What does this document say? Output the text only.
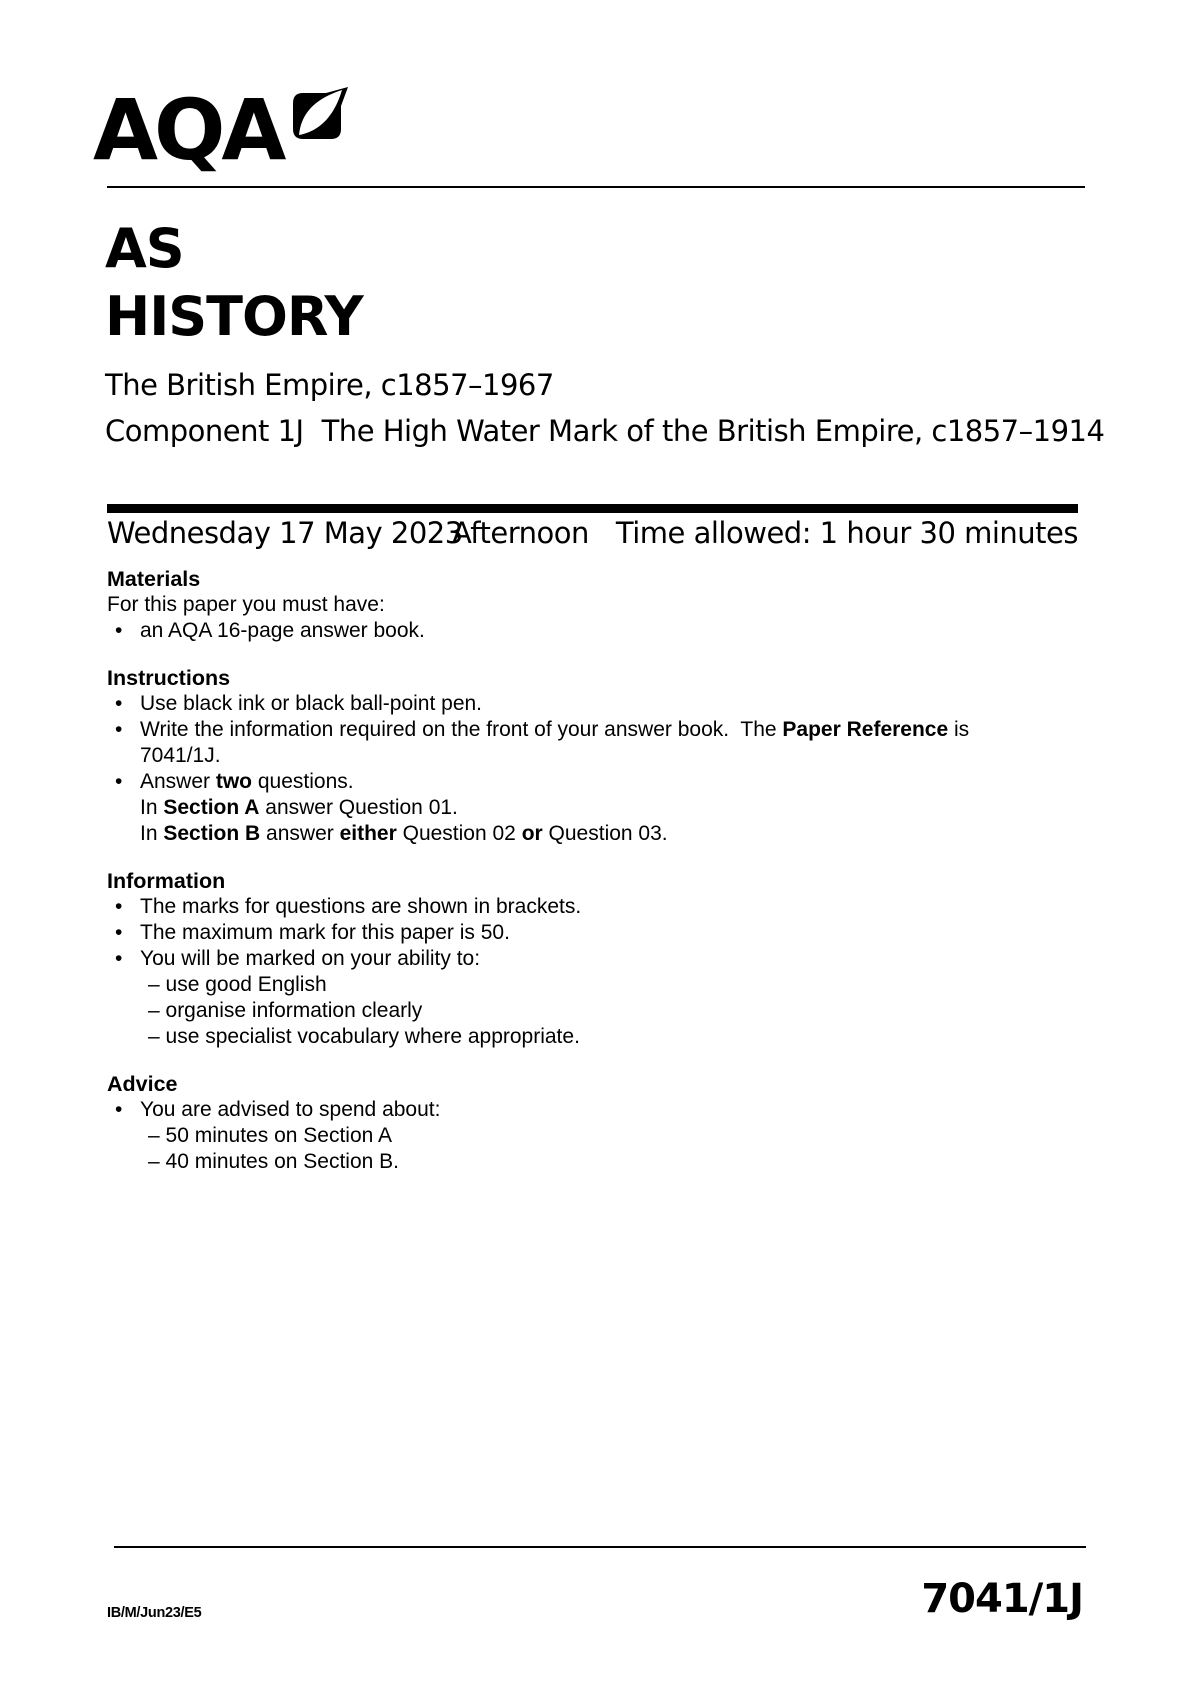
AQA
AS
HISTORY
The British Empire, c1857–1967
Component 1J The High Water Mark of the British Empire, c1857–1914
Wednesday 17 May 2023
Afternoon Time allowed: 1 hour 30 minutes
Materials
For this paper you must have:
•

an AQA 16-page answer book.

Instructions
•

Use black ink or black ball-point pen.

•

Write the information required on the front of your answer book.  The Paper Reference is

7041/1J.
•

Answer two questions.

In Section A answer Question 01.
In Section B answer either Question 02 or Question 03.
Information
•

The marks for questions are shown in brackets.

•

The maximum mark for this paper is 50.

•

You will be marked on your ability to:

– use good English
– organise information clearly
– use specialist vocabulary where appropriate.
Advice
•

You are advised to spend about:

– 50 minutes on Section A
– 40 minutes on Section B.
7041/1J
IB/M/Jun23/E5
